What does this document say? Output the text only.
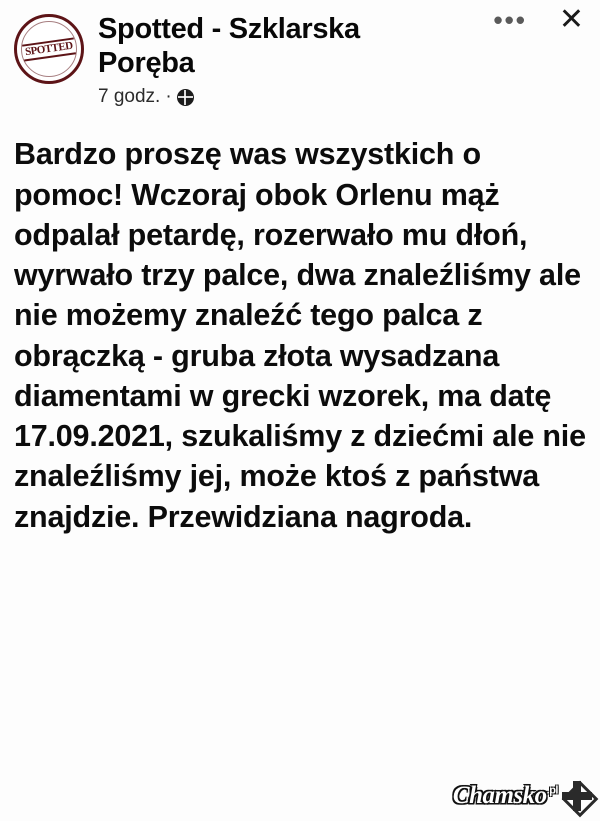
SPOTTED
Spotted - Szklarska Poręba
7 godz. ·
••• ✕
Bardzo proszę was wszystkich o pomoc! Wczoraj obok Orlenu mąż odpalał petardę, rozerwało mu dłoń, wyrwało trzy palce, dwa znaleźliśmy ale nie możemy znaleźć tego palca z obrączką - gruba złota wysadzana diamentami w grecki wzorek, ma datę 17.09.2021, szukaliśmy z dziećmi ale nie znaleźliśmy jej, może ktoś z państwa znajdzie. Przewidziana nagroda.
Chamsko$^{.pl}$
